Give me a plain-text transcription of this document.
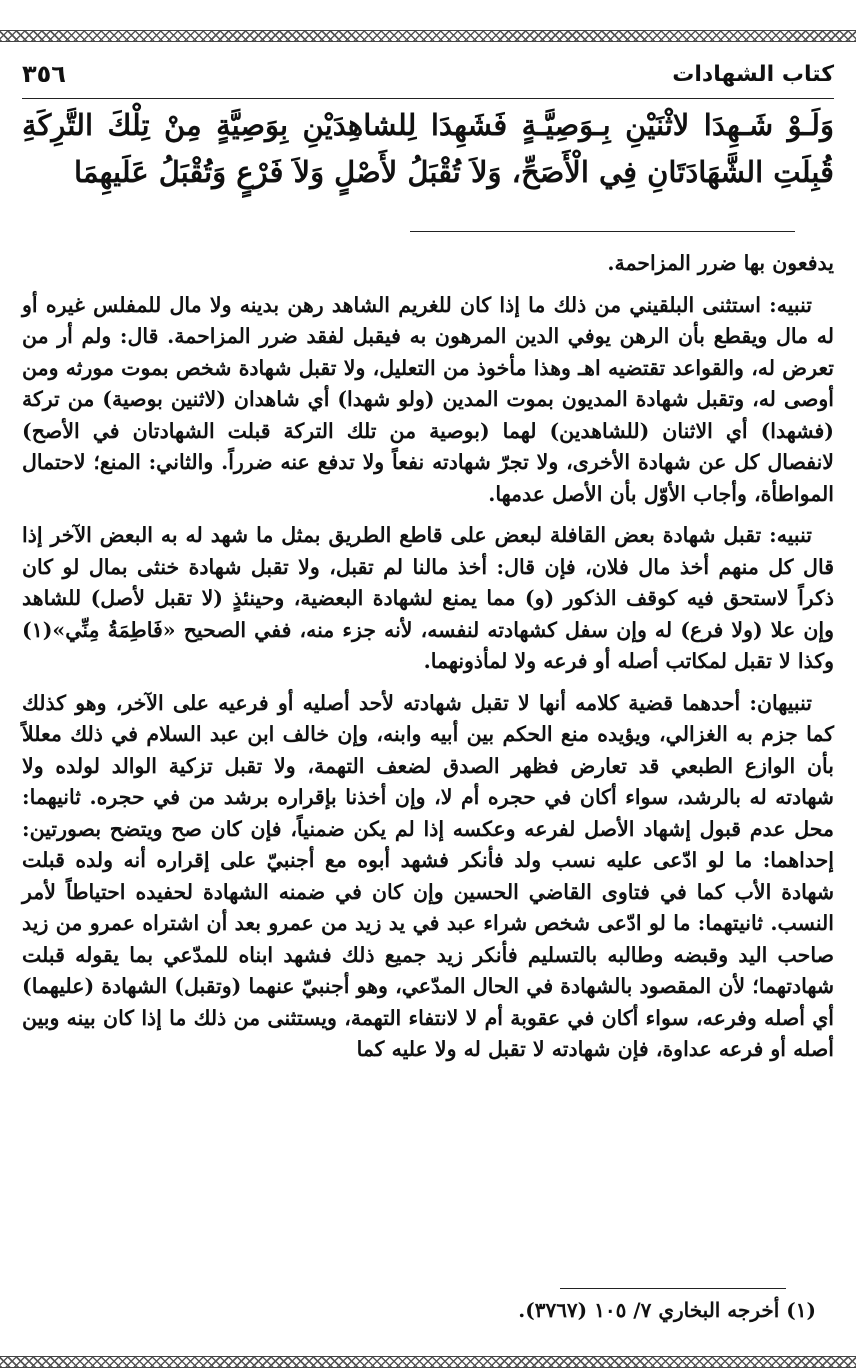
كتاب الشهادات
٣٥٦
وَلَـوْ شَـهِدَا لاثْنَيْنِ بِـوَصِيَّـةٍ فَشَهِدَا لِلشاهِدَيْنِ بِوَصِيَّةٍ مِنْ تِلْكَ التَّرِكَةِ قُبِلَتِ الشَّهَادَتَانِ فِي الْأَصَحِّ، وَلاَ تُقْبَلُ لأَصْلٍ وَلاَ فَرْعٍ وَتُقْبَلُ عَلَيهِمَا

يدفعون بها ضرر المزاحمة.

تنبيه: استثنى البلقيني من ذلك ما إذا كان للغريم الشاهد رهن بدينه ولا مال للمفلس غيره أو له مال ويقطع بأن الرهن يوفي الدين المرهون به فيقبل لفقد ضرر المزاحمة. قال: ولم أر من تعرض له، والقواعد تقتضيه اهـ وهذا مأخوذ من التعليل، ولا تقبل شهادة شخص بموت مورثه ومن أوصى له، وتقبل شهادة المديون بموت المدين (ولو شهدا) أي شاهدان (لاثنين بوصية) من تركة (فشهدا) أي الاثنان (للشاهدين) لهما (بوصية من تلك التركة قبلت الشهادتان في الأصح) لانفصال كل عن شهادة الأخرى، ولا تجرّ شهادته نفعاً ولا تدفع عنه ضرراً. والثاني: المنع؛ لاحتمال المواطأة، وأجاب الأوّل بأن الأصل عدمها.

تنبيه: تقبل شهادة بعض القافلة لبعض على قاطع الطريق بمثل ما شهد له به البعض الآخر إذا قال كل منهم أخذ مال فلان، فإن قال: أخذ مالنا لم تقبل، ولا تقبل شهادة خنثى بمال لو كان ذكراً لاستحق فيه كوقف الذكور (و) مما يمنع لشهادة البعضية، وحينئذٍ (لا تقبل لأصل) للشاهد وإن علا (ولا فرع) له وإن سفل كشهادته لنفسه، لأنه جزء منه، ففي الصحيح «فَاطِمَةُ مِنِّي»(١) وكذا لا تقبل لمكاتب أصله أو فرعه ولا لمأذونهما.

تنبيهان: أحدهما قضية كلامه أنها لا تقبل شهادته لأحد أصليه أو فرعيه على الآخر، وهو كذلك كما جزم به الغزالي، ويؤيده منع الحكم بين أبيه وابنه، وإن خالف ابن عبد السلام في ذلك معللاً بأن الوازع الطبعي قد تعارض فظهر الصدق لضعف التهمة، ولا تقبل تزكية الوالد لولده ولا شهادته له بالرشد، سواء أكان في حجره أم لا، وإن أخذنا بإقراره برشد من في حجره. ثانيهما: محل عدم قبول إشهاد الأصل لفرعه وعكسه إذا لم يكن ضمنياً، فإن كان صح ويتضح بصورتين: إحداهما: ما لو ادّعى عليه نسب ولد فأنكر فشهد أبوه مع أجنبيّ على إقراره أنه ولده قبلت شهادة الأب كما في فتاوى القاضي الحسين وإن كان في ضمنه الشهادة لحفيده احتياطاً لأمر النسب. ثانيتهما: ما لو ادّعى شخص شراء عبد في يد زيد من عمرو بعد أن اشتراه عمرو من زيد صاحب اليد وقبضه وطالبه بالتسليم فأنكر زيد جميع ذلك فشهد ابناه للمدّعي بما يقوله قبلت شهادتهما؛ لأن المقصود بالشهادة في الحال المدّعي، وهو أجنبيّ عنهما (وتقبل) الشهادة (عليهما) أي أصله وفرعه، سواء أكان في عقوبة أم لا لانتفاء التهمة، ويستثنى من ذلك ما إذا كان بينه وبين أصله أو فرعه عداوة، فإن شهادته لا تقبل له ولا عليه كما

(١) أخرجه البخاري ٧/ ١٠٥ (٣٧٦٧).
